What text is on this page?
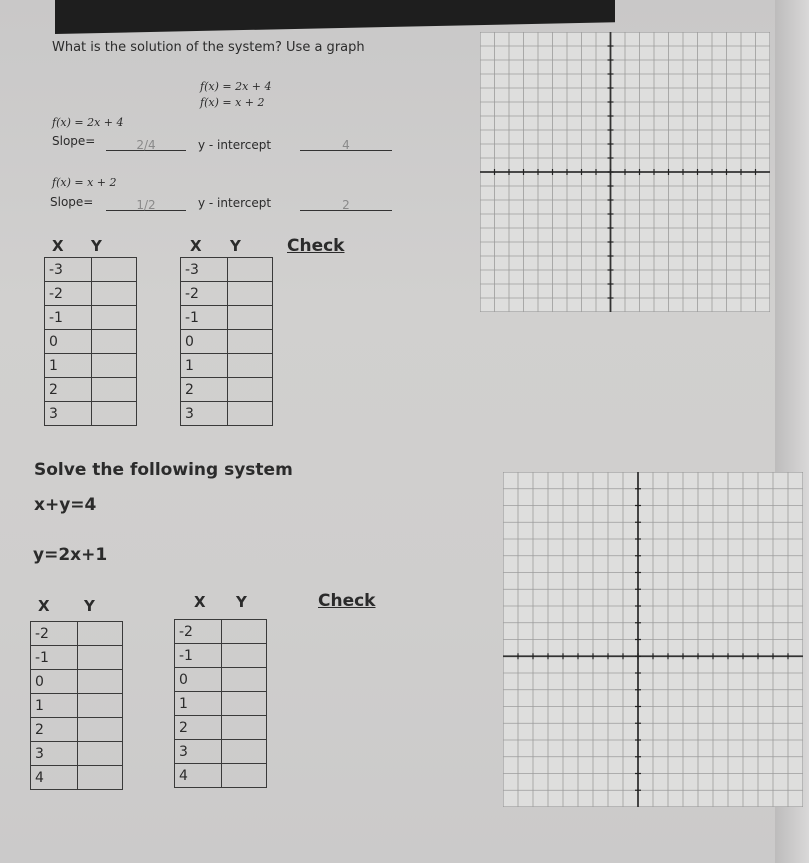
What is the solution of the system? Use a graph
f(x) = 2x + 4
f(x) = x + 2
f(x) = 2x + 4
Slope=	2/4	y - intercept	4
f(x) = x + 2
Slope=	1/2	y - intercept	2
X Y	X Y	Check
-3	
-2	
-1	
0	
1	
2	
3	
-3	
-2	
-1	
0	
1	
2	
3	
Solve the following system
x+y=4
y=2x+1
X Y	X Y	Check
-2	
-1	
0	
1	
2	
3	
4	
-2	
-1	
0	
1	
2	
3	
4	
